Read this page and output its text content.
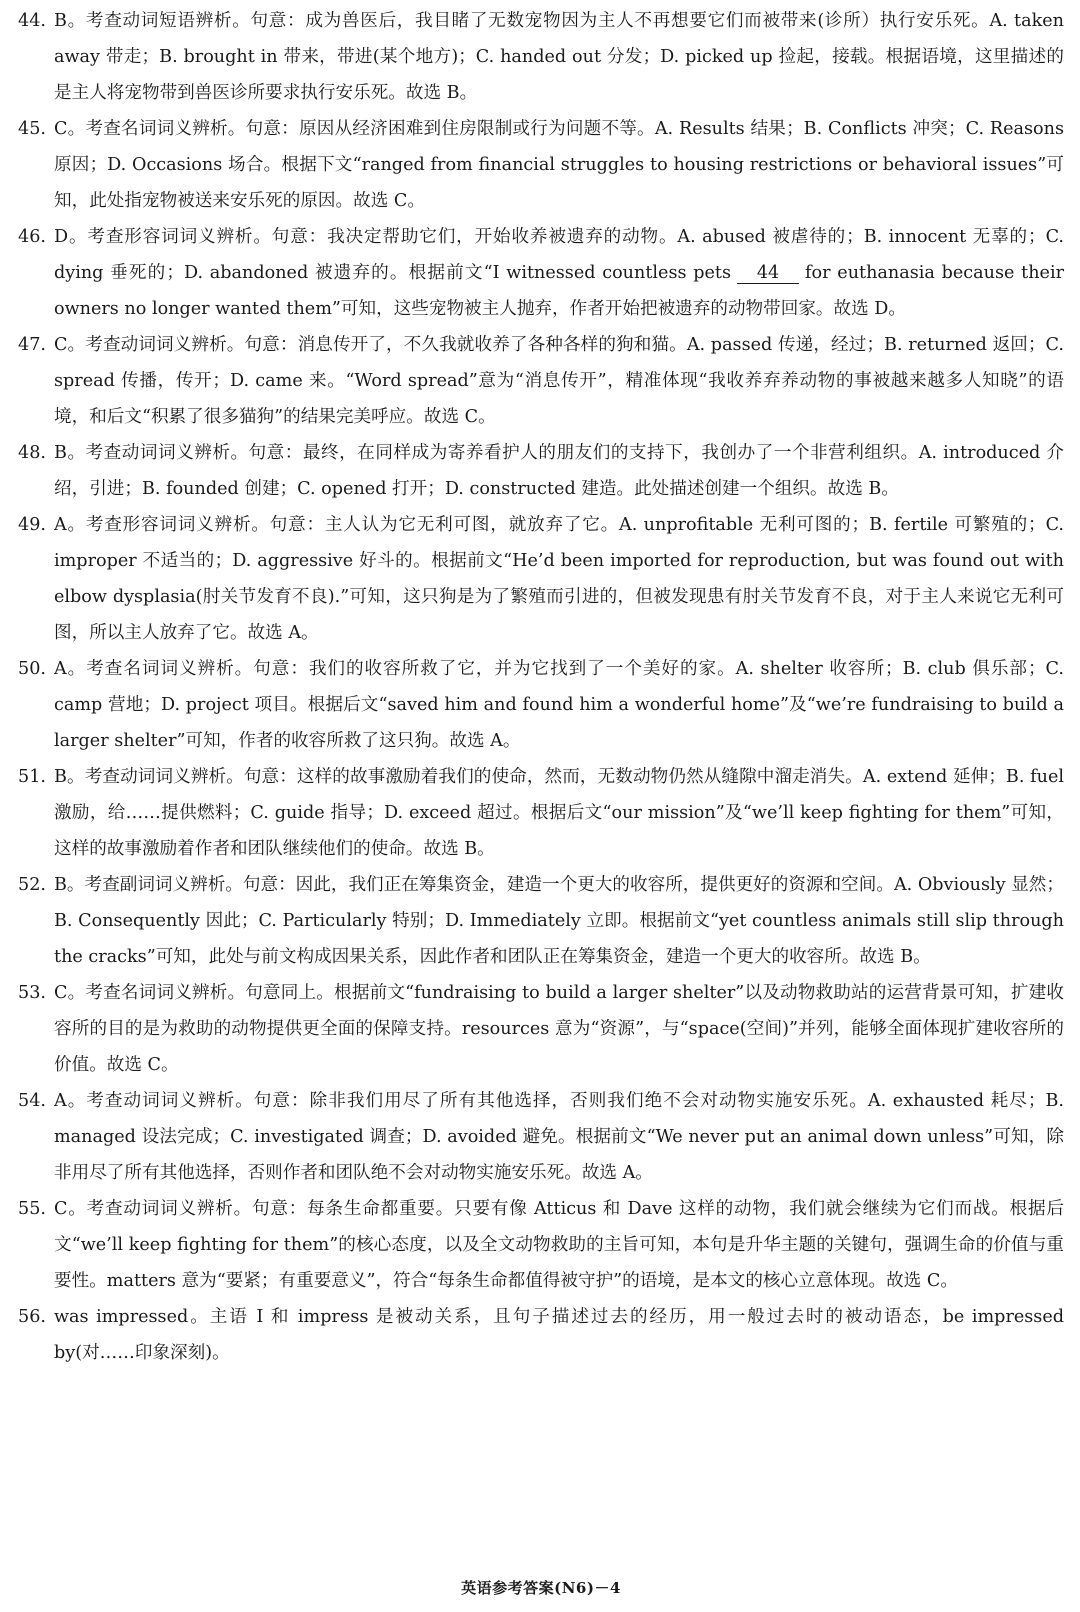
44. B。考查动词短语辨析。句意：成为兽医后，我目睹了无数宠物因为主人不再想要它们而被带来(诊所）执行安乐死。A. taken away 带走；B. brought in 带来，带进(某个地方)；C. handed out 分发；D. picked up 捡起，接载。根据语境，这里描述的是主人将宠物带到兽医诊所要求执行安乐死。故选 B。
45. C。考查名词词义辨析。句意：原因从经济困难到住房限制或行为问题不等。A. Results 结果；B. Conflicts 冲突；C. Reasons 原因；D. Occasions 场合。根据下文“ranged from financial struggles to housing restrictions or behavioral issues”可知，此处指宠物被送来安乐死的原因。故选 C。
46. D。考查形容词词义辨析。句意：我决定帮助它们，开始收养被遗弃的动物。A. abused 被虐待的；B. innocent 无辜的；C. dying 垂死的；D. abandoned 被遗弃的。根据前文“I witnessed countless pets 44 for euthanasia because their owners no longer wanted them”可知，这些宠物被主人抛弃，作者开始把被遗弃的动物带回家。故选 D。
47. C。考查动词词义辨析。句意：消息传开了，不久我就收养了各种各样的狗和猫。A. passed 传递，经过；B. returned 返回；C. spread 传播，传开；D. came 来。“Word spread”意为“消息传开”，精准体现“我收养弃养动物的事被越来越多人知晓”的语境，和后文“积累了很多猫狗”的结果完美呼应。故选 C。
48. B。考查动词词义辨析。句意：最终，在同样成为寄养看护人的朋友们的支持下，我创办了一个非营利组织。A. introduced 介绍，引进；B. founded 创建；C. opened 打开；D. constructed 建造。此处描述创建一个组织。故选 B。
49. A。考查形容词词义辨析。句意：主人认为它无利可图，就放弃了它。A. unprofitable 无利可图的；B. fertile 可繁殖的；C. improper 不适当的；D. aggressive 好斗的。根据前文“He’d been imported for reproduction, but was found out with elbow dysplasia(肘关节发育不良).”可知，这只狗是为了繁殖而引进的，但被发现患有肘关节发育不良，对于主人来说它无利可图，所以主人放弃了它。故选 A。
50. A。考查名词词义辨析。句意：我们的收容所救了它，并为它找到了一个美好的家。A. shelter 收容所；B. club 俱乐部；C. camp 营地；D. project 项目。根据后文“saved him and found him a wonderful home”及“we’re fundraising to build a larger shelter”可知，作者的收容所救了这只狗。故选 A。
51. B。考查动词词义辨析。句意：这样的故事激励着我们的使命，然而，无数动物仍然从缝隙中溜走消失。A. extend 延伸；B. fuel 激励，给……提供燃料；C. guide 指导；D. exceed 超过。根据后文“our mission”及“we’ll keep fighting for them”可知，这样的故事激励着作者和团队继续他们的使命。故选 B。
52. B。考查副词词义辨析。句意：因此，我们正在筹集资金，建造一个更大的收容所，提供更好的资源和空间。A. Obviously 显然；B. Consequently 因此；C. Particularly 特别；D. Immediately 立即。根据前文“yet countless animals still slip through the cracks”可知，此处与前文构成因果关系，因此作者和团队正在筹集资金，建造一个更大的收容所。故选 B。
53. C。考查名词词义辨析。句意同上。根据前文“fundraising to build a larger shelter”以及动物救助站的运营背景可知，扩建收容所的目的是为救助的动物提供更全面的保障支持。resources 意为“资源”，与“space(空间)”并列，能够全面体现扩建收容所的价值。故选 C。
54. A。考查动词词义辨析。句意：除非我们用尽了所有其他选择，否则我们绝不会对动物实施安乐死。A. exhausted 耗尽；B. managed 设法完成；C. investigated 调查；D. avoided 避免。根据前文“We never put an animal down unless”可知，除非用尽了所有其他选择，否则作者和团队绝不会对动物实施安乐死。故选 A。
55. C。考查动词词义辨析。句意：每条生命都重要。只要有像 Atticus 和 Dave 这样的动物，我们就会继续为它们而战。根据后文“we’ll keep fighting for them”的核心态度，以及全文动物救助的主旨可知，本句是升华主题的关键句，强调生命的价值与重要性。matters 意为“要紧；有重要意义”，符合“每条生命都值得被守护”的语境，是本文的核心立意体现。故选 C。
56. was impressed。主语 I 和 impress 是被动关系，且句子描述过去的经历，用一般过去时的被动语态，be impressed by(对……印象深刻)。
英语参考答案(N6)－4
